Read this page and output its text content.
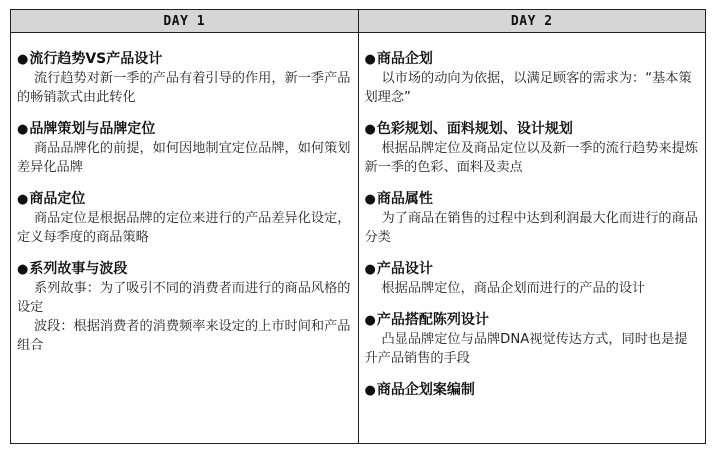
DAY 1	DAY 2
●流行趋势VS产品设计

流行趋势对新一季的产品有着引导的作用，新一季产品的畅销款式由此转化

●品牌策划与品牌定位

商品品牌化的前提，如何因地制宜定位品牌，如何策划差异化品牌

●商品定位

商品定位是根据品牌的定位来进行的产品差异化设定，定义每季度的商品策略

●系列故事与波段

系列故事：为了吸引不同的消费者而进行的商品风格的设定

波段：根据消费者的消费频率来设定的上市时间和产品组合

●商品企划

以市场的动向为依据，以满足顾客的需求为：“基本策划理念”

●色彩规划、面料规划、设计规划

根据品牌定位及商品定位以及新一季的流行趋势来提炼新一季的色彩、面料及卖点

●商品属性

为了商品在销售的过程中达到利润最大化而进行的商品分类

●产品设计

根据品牌定位，商品企划而进行的产品的设计

●产品搭配陈列设计

凸显品牌定位与品牌DNA视觉传达方式，同时也是提升产品销售的手段

●商品企划案编制
